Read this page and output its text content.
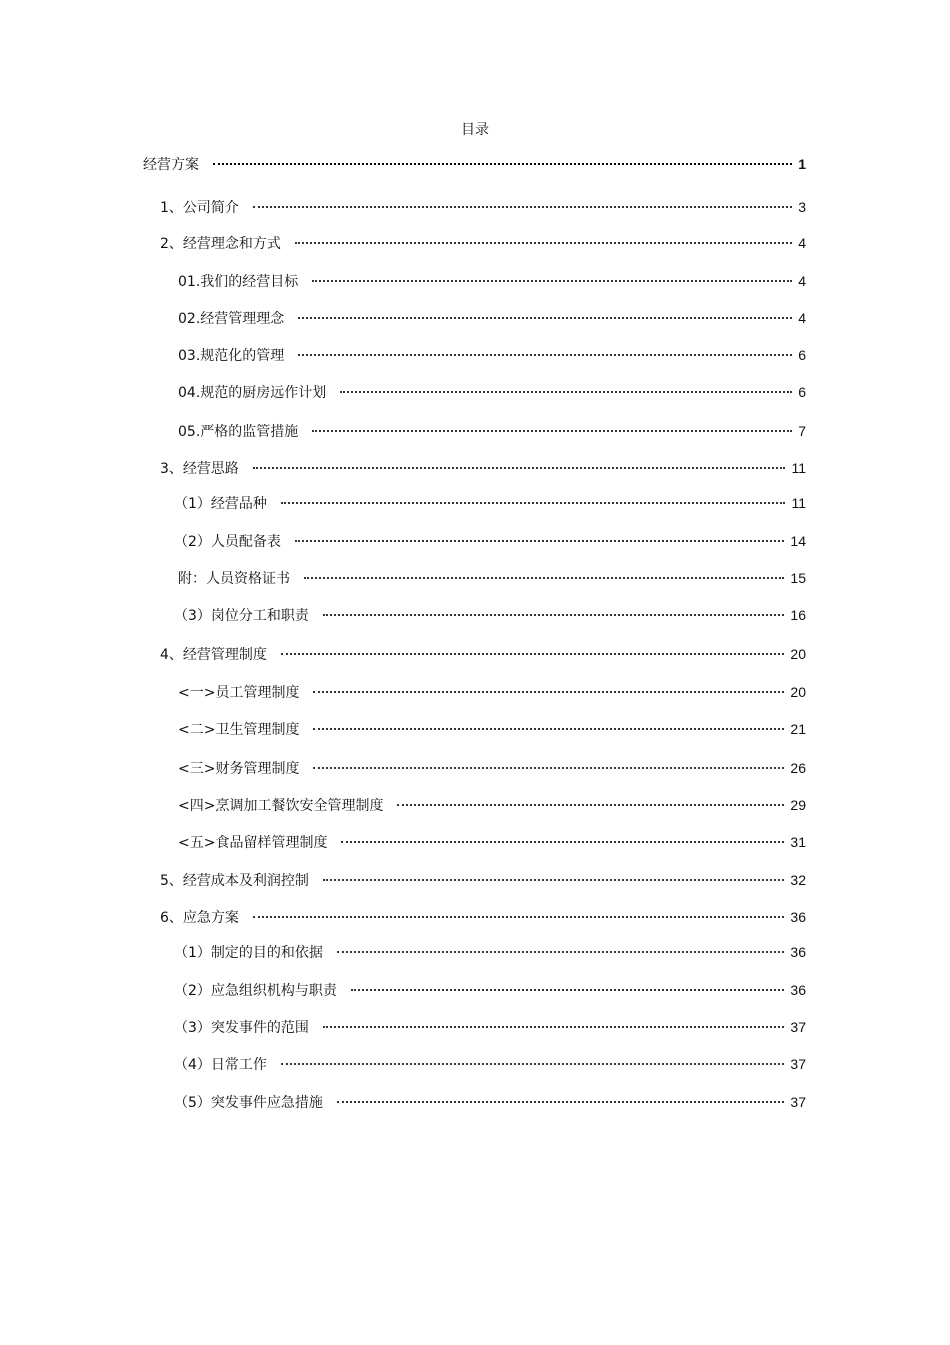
目录
经营方案	1
1、公司简介	3
2、经营理念和方式	4
01.我们的经营目标	4
02.经营管理理念	4
03.规范化的管理	6
04.规范的厨房远作计划	6
05.严格的监管措施	7
3、经营思路	11
（1）经营品种	11
（2）人员配备表	14
附：人员资格证书	15
（3）岗位分工和职责	16
4、经营管理制度	20
<一>员工管理制度	20
<二>卫生管理制度	21
<三>财务管理制度	26
<四>烹调加工餐饮安全管理制度	29
<五>食品留样管理制度	31
5、经营成本及利润控制	32
6、应急方案	36
（1）制定的目的和依据	36
（2）应急组织机构与职责	36
（3）突发事件的范围	37
（4）日常工作	37
（5）突发事件应急措施	37
